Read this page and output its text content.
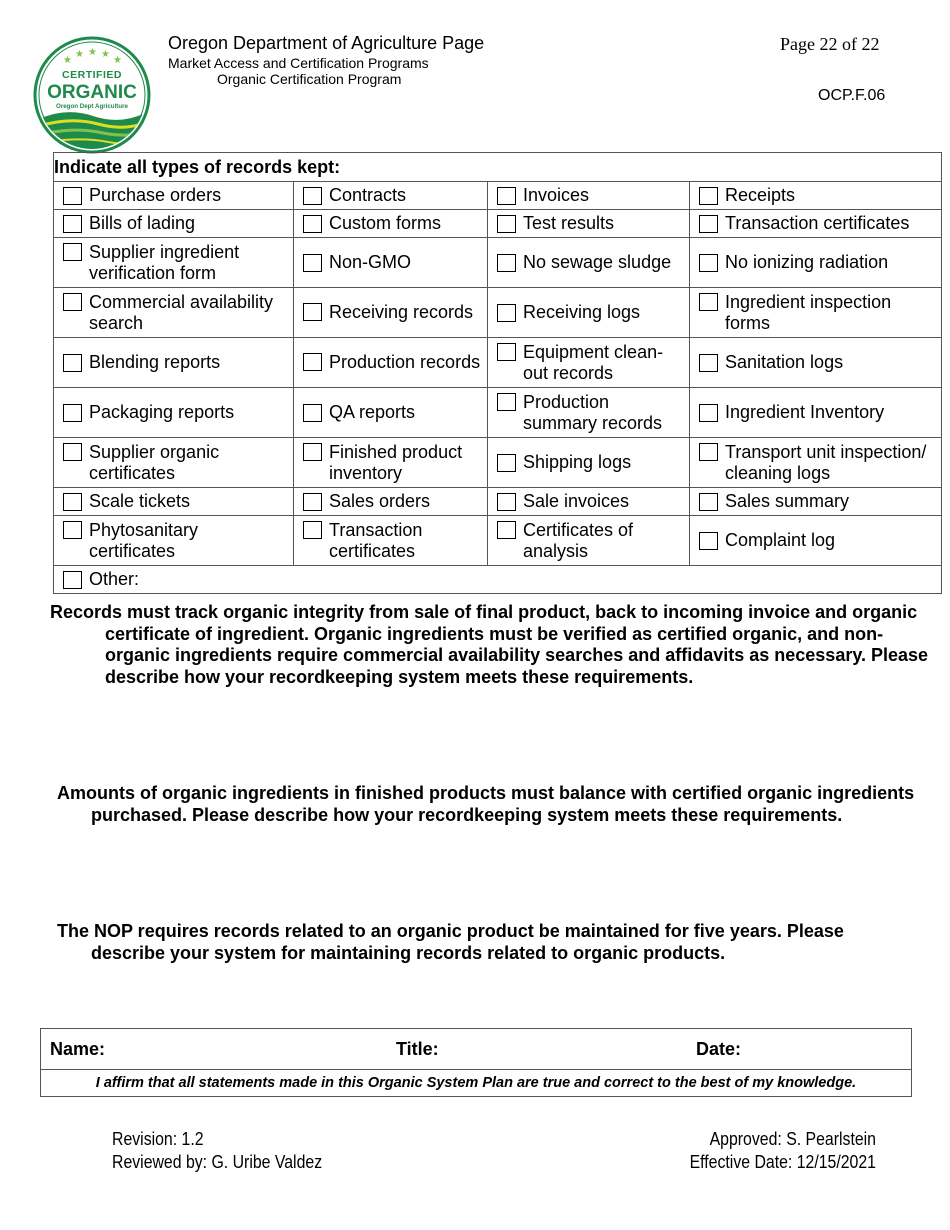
★
★ ★ ★
★
CERTIFIED
ORGANIC
Oregon Dept Agriculture
Oregon Department of Agriculture Page
Market Access and Certification Programs
Organic Certification Program
Page 22 of 22
OCP.F.06
Indicate all types of records kept:			

Purchase orders	Contracts	Invoices	Receipts

Bills of lading	Custom forms	Test results	Transaction certificates

Supplier ingredient verification form	Non-GMO	No sewage sludge	No ionizing radiation

Commercial availability search	Receiving records	Receiving logs	Ingredient inspection forms

Blending reports	Production records	Equipment clean-out records	Sanitation logs

Packaging reports	QA reports	Production summary records	Ingredient Inventory

Supplier organic certificates	Finished product inventory	Shipping logs	Transport unit inspection/ cleaning logs

Scale tickets	Sales orders	Sale invoices	Sales summary

Phytosanitary certificates	Transaction certificates	Certificates of analysis	Complaint log

Other:			
Records must track organic integrity from sale of final product, back to incoming invoice and organic certificate of ingredient. Organic ingredients must be verified as certified organic, and non-organic ingredients require commercial availability searches and affidavits as necessary. Please describe how your recordkeeping system meets these requirements.
Amounts of organic ingredients in finished products must balance with certified organic ingredients purchased. Please describe how your recordkeeping system meets these requirements.
The NOP requires records related to an organic product be maintained for five years. Please describe your system for maintaining records related to organic products.
Name:	Title:	Date:
I affirm that all statements made in this Organic System Plan are true and correct to the best of my knowledge.
Revision: 1.2
Reviewed by: G. Uribe Valdez
Approved: S. Pearlstein
Effective Date: 12/15/2021
